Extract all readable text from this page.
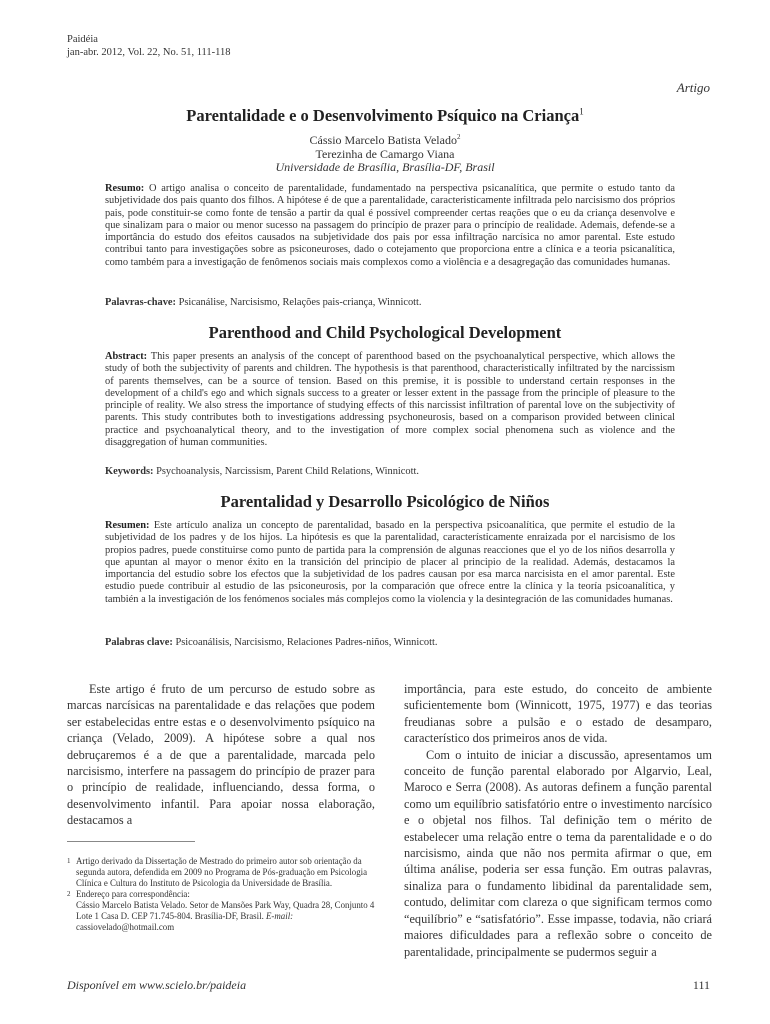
Paidéia
jan-abr. 2012, Vol. 22, No. 51, 111-118
Artigo
Parentalidade e o Desenvolvimento Psíquico na Criança$^1$
Cássio Marcelo Batista Velado$^2$
Terezinha de Camargo Viana
Universidade de Brasília, Brasília-DF, Brasil
Resumo: O artigo analisa o conceito de parentalidade, fundamentado na perspectiva psicanalítica, que permite o estudo tanto da subjetividade dos pais quanto dos filhos. A hipótese é de que a parentalidade, caracteristicamente infiltrada pelo narcisismo dos próprios pais, pode constituir-se como fonte de tensão a partir da qual é possível compreender certas reações que o eu da criança desenvolve e que sinalizam para o maior ou menor sucesso na passagem do princípio de prazer para o princípio de realidade. Ademais, defende-se a importância do estudo dos efeitos causados na subjetividade dos pais por essa infiltração narcísica no amor parental. Este estudo contribui tanto para investigações sobre as psiconeuroses, dado o cotejamento que proporciona entre a clínica e a teoria psicanalítica, como também para a investigação de fenômenos sociais mais complexos como a violência e a desagregação das comunidades humanas.
Palavras-chave: Psicanálise, Narcisismo, Relações pais-criança, Winnicott.
Parenthood and Child Psychological Development
Abstract: This paper presents an analysis of the concept of parenthood based on the psychoanalytical perspective, which allows the study of both the subjectivity of parents and children. The hypothesis is that parenthood, characteristically infiltrated by the narcissism of parents themselves, can be a source of tension. Based on this premise, it is possible to understand certain responses in the development of a child's ego and which signals success to a greater or lesser extent in the passage from the principle of pleasure to the principle of reality. We also stress the importance of studying effects of this narcissist infiltration of parental love on the subjectivity of parents. This study contributes both to investigations addressing psychoneurosis, based on a comparison provided between clinical practice and psychoanalytical theory, and to the investigation of more complex social phenomena such as violence and the disaggregation of human communities.
Keywords: Psychoanalysis, Narcissism, Parent Child Relations, Winnicott.
Parentalidad y Desarrollo Psicológico de Niños
Resumen: Este artículo analiza un concepto de parentalidad, basado en la perspectiva psicoanalítica, que permite el estudio de la subjetividad de los padres y de los hijos. La hipótesis es que la parentalidad, característicamente enraizada por el narcisismo de los propios padres, puede constituirse como punto de partida para la comprensión de algunas reacciones que el yo de los niños desarrolla y que apuntan al mayor o menor éxito en la transición del principio de placer al principio de la realidad. Además, destacamos la importancia del estudio sobre los efectos que la subjetividad de los padres causan por esa marca narcisista en el amor parental. Este estudio puede contribuir al estudio de las psiconeurosis, por la comparación que ofrece entre la clínica y la teoría psicoanalítica, y también a la investigación de los fenómenos sociales más complejos como la violencia y la desintegración de las comunidades humanas.
Palabras clave: Psicoanálisis, Narcisismo, Relaciones Padres-niños, Winnicott.

Este artigo é fruto de um percurso de estudo sobre as marcas narcísicas na parentalidade e das relações que podem ser estabelecidas entre estas e o desenvolvimento psíquico na criança (Velado, 2009). A hipótese sobre a qual nos debruçaremos é a de que a parentalidade, marcada pelo narcisismo, interfere na passagem do princípio de prazer para o princípio de realidade, influenciando, dessa forma, o desenvolvimento infantil. Para apoiar nossa elaboração, destacamos a

1 Artigo derivado da Dissertação de Mestrado do primeiro autor sob orientação da segunda autora, defendida em 2009 no Programa de Pós-graduação em Psicologia Clínica e Cultura do Instituto de Psicologia da Universidade de Brasília.

2 Endereço para correspondência:
Cássio Marcelo Batista Velado. Setor de Mansões Park Way, Quadra 28, Conjunto 4 Lote 1 Casa D. CEP 71.745-804. Brasília-DF, Brasil. E-mail: cassiovelado@hotmail.com

importância, para este estudo, do conceito de ambiente suficientemente bom (Winnicott, 1975, 1977) e das teorias freudianas sobre a pulsão e o estado de desamparo, característico dos primeiros anos de vida.

Com o intuito de iniciar a discussão, apresentamos um conceito de função parental elaborado por Algarvio, Leal, Maroco e Serra (2008). As autoras definem a função parental como um equilíbrio satisfatório entre o investimento narcísico e o objetal nos filhos. Tal definição tem o mérito de estabelecer uma relação entre o tema da parentalidade e o do narcisismo, ainda que não nos permita afirmar o que, em última análise, poderia ser essa função. Em outras palavras, sinaliza para o fundamento libidinal da parentalidade sem, contudo, delimitar com clareza o que significam termos como “equilíbrio” e “satisfatório”. Esse impasse, todavia, não criará maiores dificuldades para a reflexão sobre o conceito de parentalidade, principalmente se pudermos seguir a

Disponível em www.scielo.br/paideia	111
